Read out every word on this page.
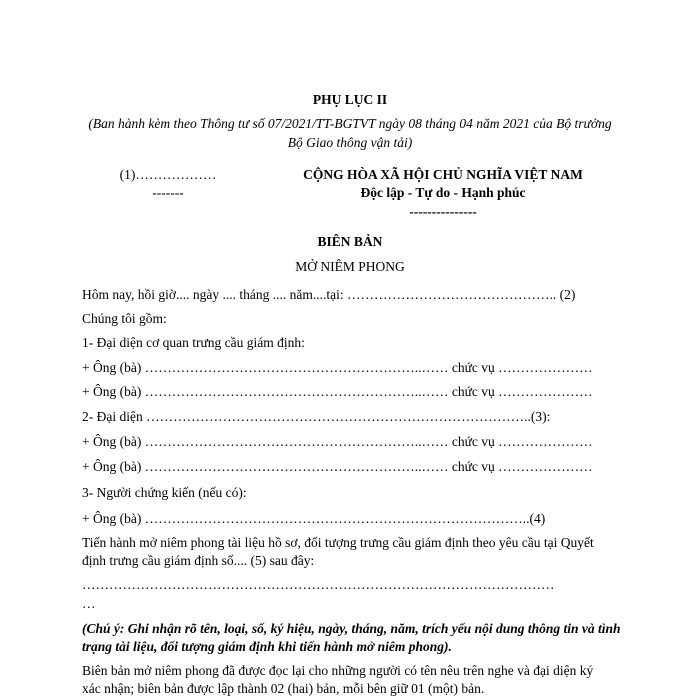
PHỤ LỤC II
(Ban hành kèm theo Thông tư số 07/2021/TT-BGTVT ngày 08 tháng 04 năm 2021 của Bộ trưởng
Bộ Giao thông vận tải)
(1)………………
-------
CỘNG HÒA XÃ HỘI CHỦ NGHĨA VIỆT NAM
Độc lập - Tự do - Hạnh phúc
---------------
BIÊN BẢN
MỞ NIÊM PHONG
Hôm nay, hồi giờ.... ngày .... tháng .... năm....tại: ……………………………………….. (2)
Chúng tôi gồm:
1- Đại diện cơ quan trưng cầu giám định:
+ Ông (bà) ……………………………………………………..…… chức vụ …………………
+ Ông (bà) ……………………………………………………..…… chức vụ …………………
2- Đại diện …………………………………………………………………………..(3):
+ Ông (bà) ……………………………………………………..…… chức vụ …………………
+ Ông (bà) ……………………………………………………..…… chức vụ …………………
3- Người chứng kiến (nếu có):
+ Ông (bà) …………………………………………………………………………..(4)
Tiến hành mở niêm phong tài liệu hồ sơ, đối tượng trưng cầu giám định theo yêu cầu tại Quyết
định trưng cầu giám định số.... (5) sau đây:
……………………………………………………………………………………………
…
(Chú ý: Ghi nhận rõ tên, loại, số, ký hiệu, ngày, tháng, năm, trích yếu nội dung thông tin và tình
trạng tài liệu, đối tượng giám định khi tiến hành mở niêm phong).
Biên bản mở niêm phong đã được đọc lại cho những người có tên nêu trên nghe và đại diện ký
xác nhận; biên bản được lập thành 02 (hai) bản, mỗi bên giữ 01 (một) bản.
